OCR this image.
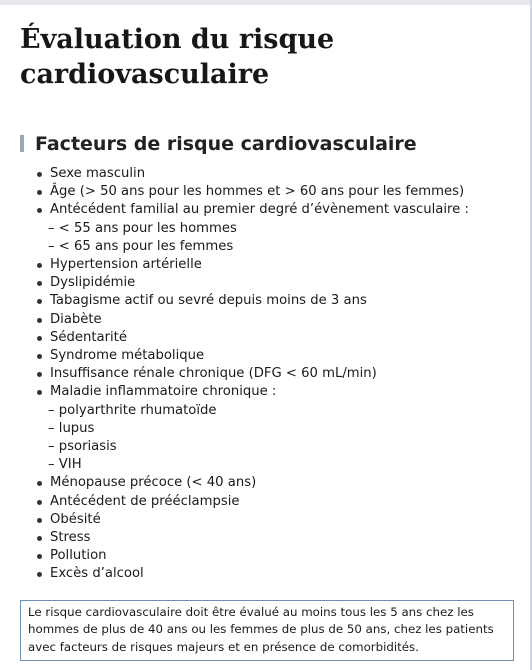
Évaluation du risque cardiovasculaire
Facteurs de risque cardiovasculaire
Sexe masculin
Âge (> 50 ans pour les hommes et > 60 ans pour les femmes)
Antécédent familial au premier degré d’évènement vasculaire :
– < 55 ans pour les hommes
– < 65 ans pour les femmes
Hypertension artérielle
Dyslipidémie
Tabagisme actif ou sevré depuis moins de 3 ans
Diabète
Sédentarité
Syndrome métabolique
Insuffisance rénale chronique (DFG < 60 mL/min)
Maladie inflammatoire chronique :
– polyarthrite rhumatoïde
– lupus
– psoriasis
– VIH
Ménopause précoce (< 40 ans)
Antécédent de prééclampsie
Obésité
Stress
Pollution
Excès d’alcool

Le risque cardiovasculaire doit être évalué au moins tous les 5 ans chez les hommes de plus de 40 ans ou les femmes de plus de 50 ans, chez les patients avec facteurs de risques majeurs et en présence de comorbidités.
